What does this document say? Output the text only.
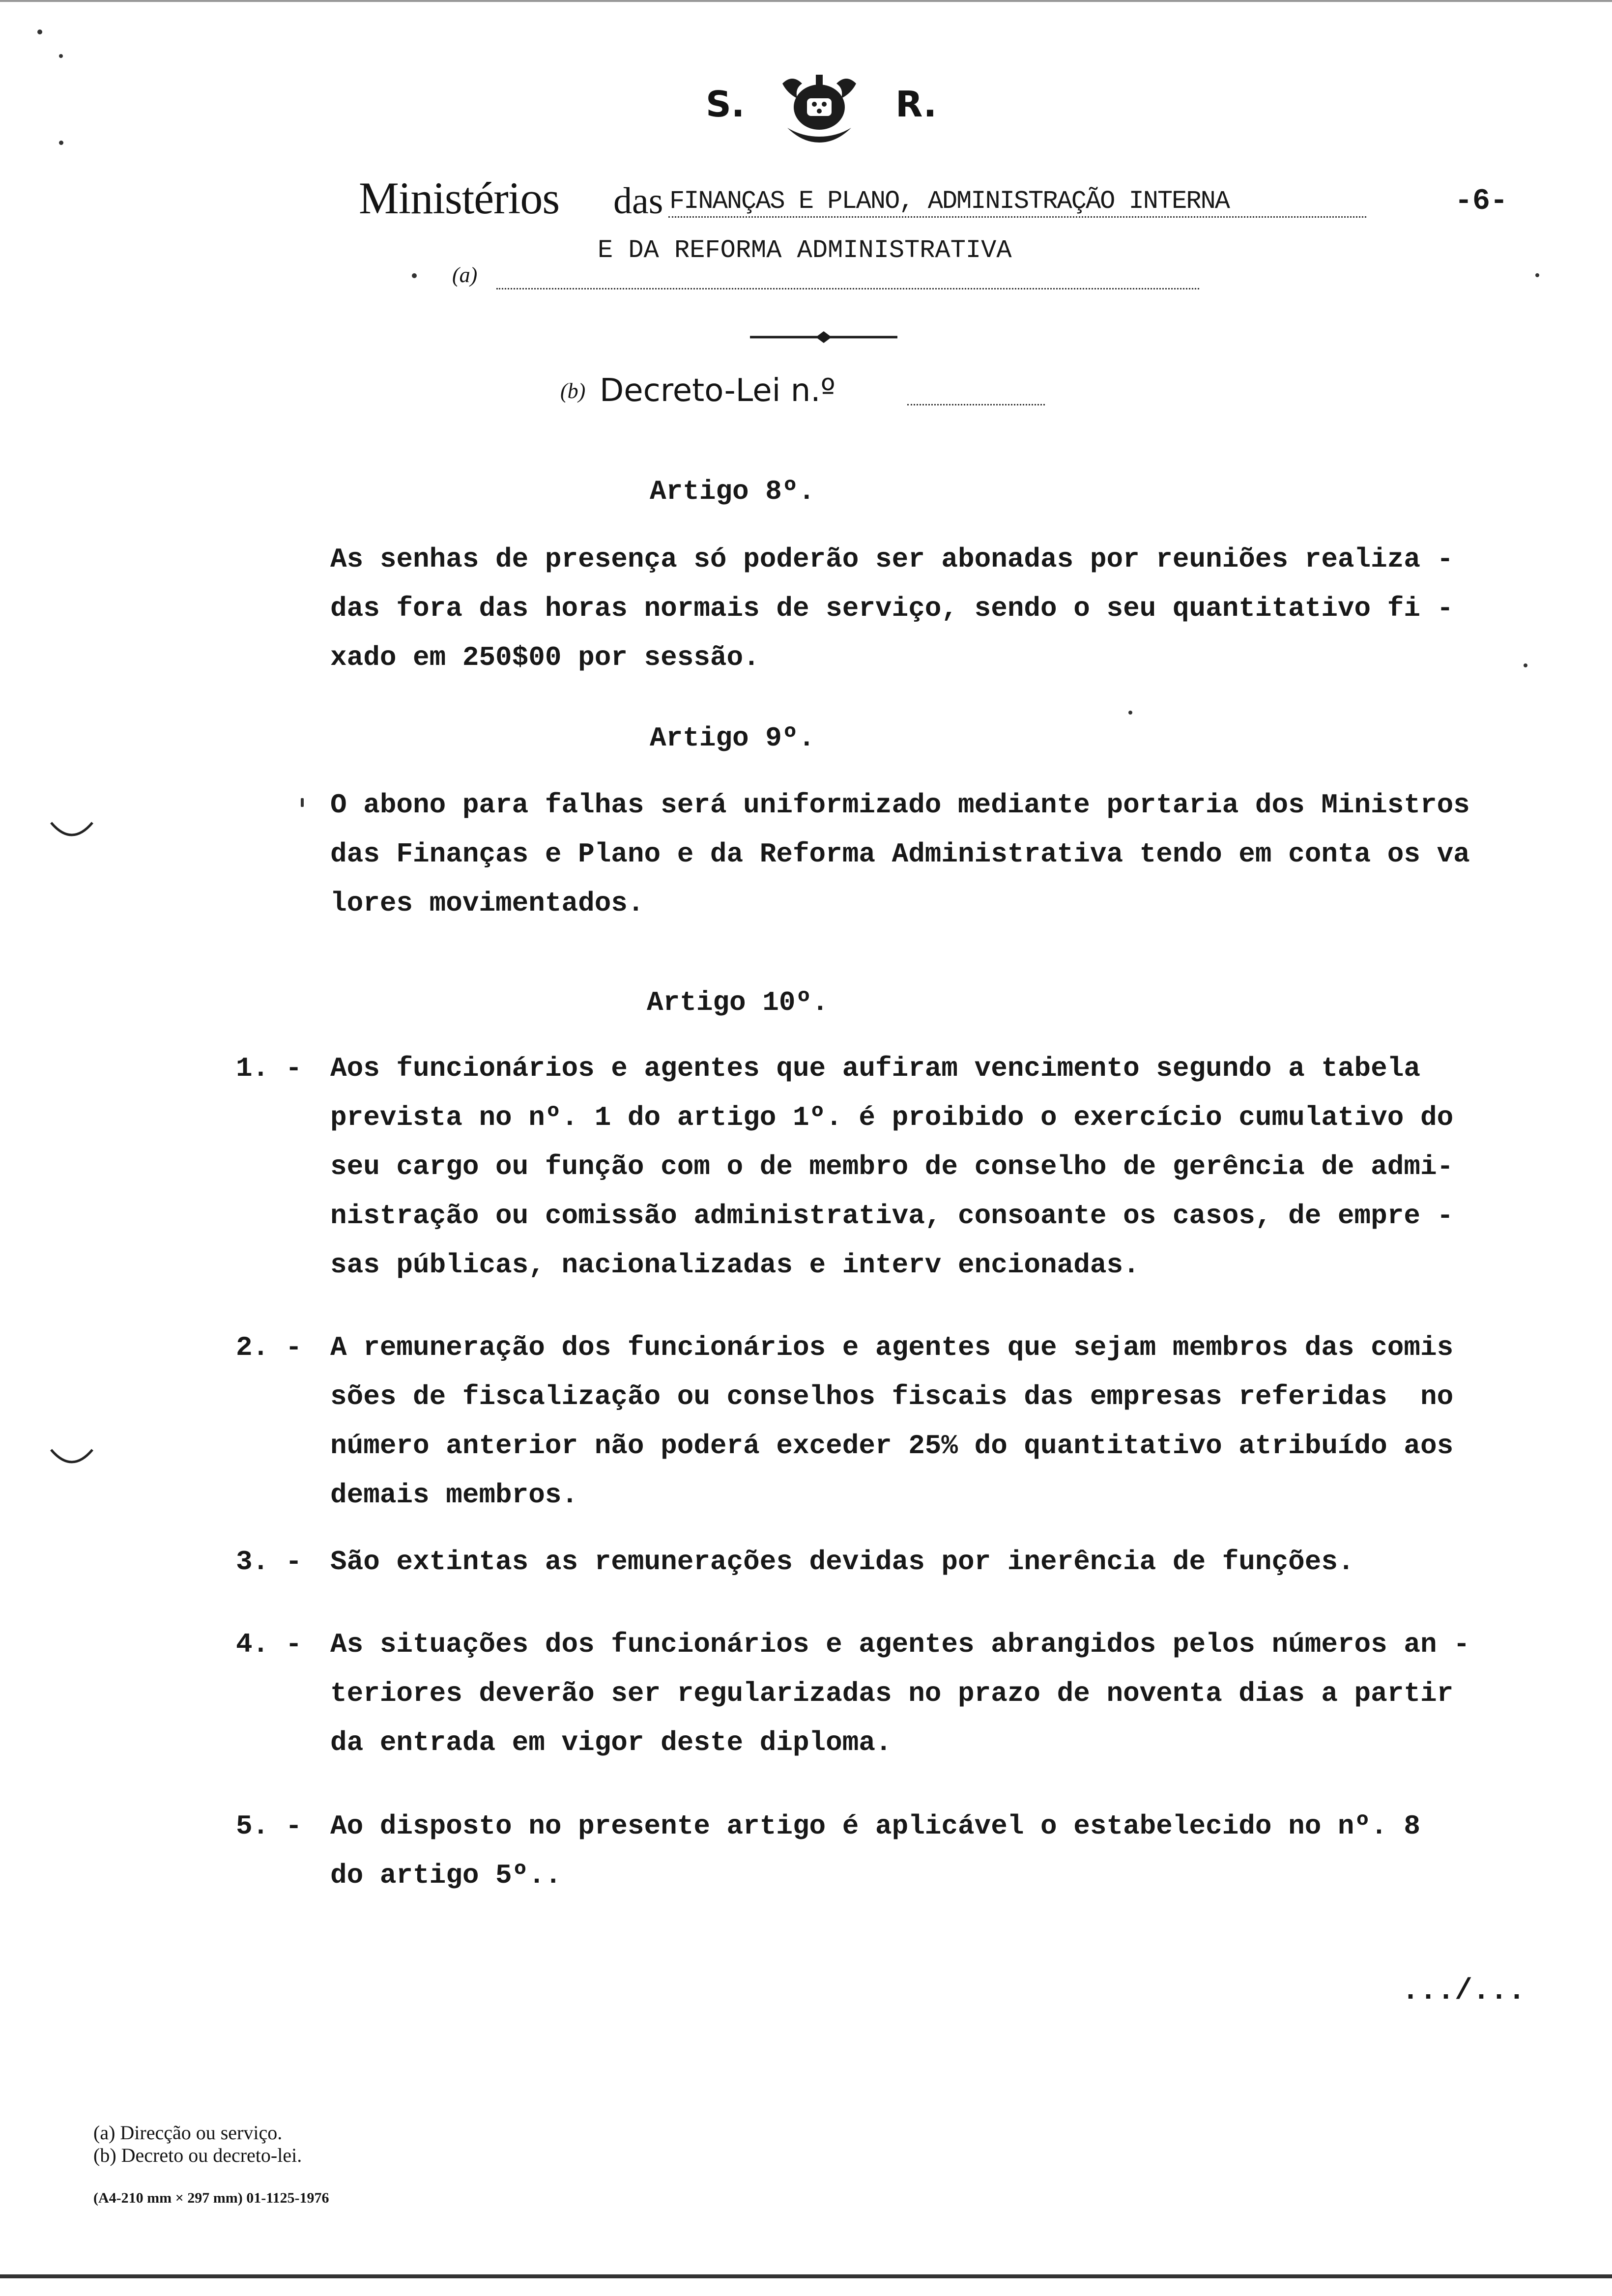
S.	R.
Ministérios das FINANÇAS E PLANO, ADMINISTRAÇÃO INTERNA	-6-
E DA REFORMA ADMINISTRATIVA
(a)
(b) Decreto-Lei n.º
Artigo 8º.
As senhas de presença só poderão ser abonadas por reuniões realiza -
das fora das horas normais de serviço, sendo o seu quantitativo fi -
xado em 250$00 por sessão.
Artigo 9º.
O abono para falhas será uniformizado mediante portaria dos Ministros
das Finanças e Plano e da Reforma Administrativa tendo em conta os va
lores movimentados.
Artigo 10º.
1. - Aos funcionários e agentes que aufiram vencimento segundo a tabela
prevista no nº. 1 do artigo 1º. é proibido o exercício cumulativo do
seu cargo ou função com o de membro de conselho de gerência de admi-
nistração ou comissão administrativa, consoante os casos, de empre -
sas públicas, nacionalizadas e interv encionadas.
2. - A remuneração dos funcionários e agentes que sejam membros das comis
sões de fiscalização ou conselhos fiscais das empresas referidas  no
número anterior não poderá exceder 25% do quantitativo atribuído aos
demais membros.
3. - São extintas as remunerações devidas por inerência de funções.
4. - As situações dos funcionários e agentes abrangidos pelos números an -
teriores deverão ser regularizadas no prazo de noventa dias a partir
da entrada em vigor deste diploma.
5. - Ao disposto no presente artigo é aplicável o estabelecido no nº. 8
do artigo 5º..
.../...
(a) Direcção ou serviço.
(b) Decreto ou decreto-lei.
(A4-210 mm × 297 mm) 01-1125-1976
